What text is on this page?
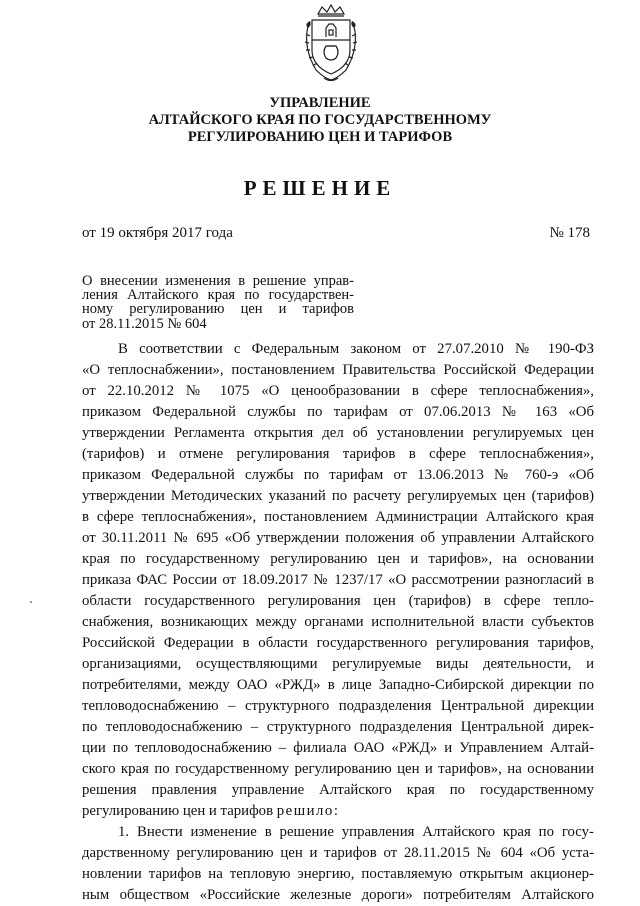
УПРАВЛЕНИЕ
АЛТАЙСКОГО КРАЯ ПО ГОСУДАРСТВЕННОМУ
РЕГУЛИРОВАНИЮ ЦЕН И ТАРИФОВ
РЕШЕНИЕ
от 19 октября 2017 года	№ 178
О внесении изменения в решение управ-
ления Алтайского края по государствен-
ному регулированию цен и тарифов
от 28.11.2015 № 604
В соответствии с Федеральным законом от 27.07.2010 № 190-ФЗ
«О теплоснабжении», постановлением Правительства Российской Федерации
от 22.10.2012 № 1075 «О ценообразовании в сфере теплоснабжения»,
приказом Федеральной службы по тарифам от 07.06.2013 № 163 «Об
утверждении Регламента открытия дел об установлении регулируемых цен
(тарифов) и отмене регулирования тарифов в сфере теплоснабжения»,
приказом Федеральной службы по тарифам от 13.06.2013 № 760-э «Об
утверждении Методических указаний по расчету регулируемых цен (тарифов)
в сфере теплоснабжения», постановлением Администрации Алтайского края
от 30.11.2011 № 695 «Об утверждении положения об управлении Алтайского
края по государственному регулированию цен и тарифов», на основании
приказа ФАС России от 18.09.2017 № 1237/17 «О рассмотрении разногласий в
области государственного регулирования цен (тарифов) в сфере тепло-
снабжения, возникающих между органами исполнительной власти субъектов
Российской Федерации в области государственного регулирования тарифов,
организациями, осуществляющими регулируемые виды деятельности, и
потребителями, между ОАО «РЖД» в лице Западно-Сибирской дирекции по
тепловодоснабжению – структурного подразделения Центральной дирекции
по тепловодоснабжению – структурного подразделения Центральной дирек-
ции по тепловодоснабжению – филиала ОАО «РЖД» и Управлением Алтай-
ского края по государственному регулированию цен и тарифов», на основании
решения правления управление Алтайского края по государственному
регулированию цен и тарифов решило:
1. Внести изменение в решение управления Алтайского края по госу-
дарственному регулированию цен и тарифов от 28.11.2015 № 604 «Об уста-
новлении тарифов на тепловую энергию, поставляемую открытым акционер-
ным обществом «Российские железные дороги» потребителям Алтайского
